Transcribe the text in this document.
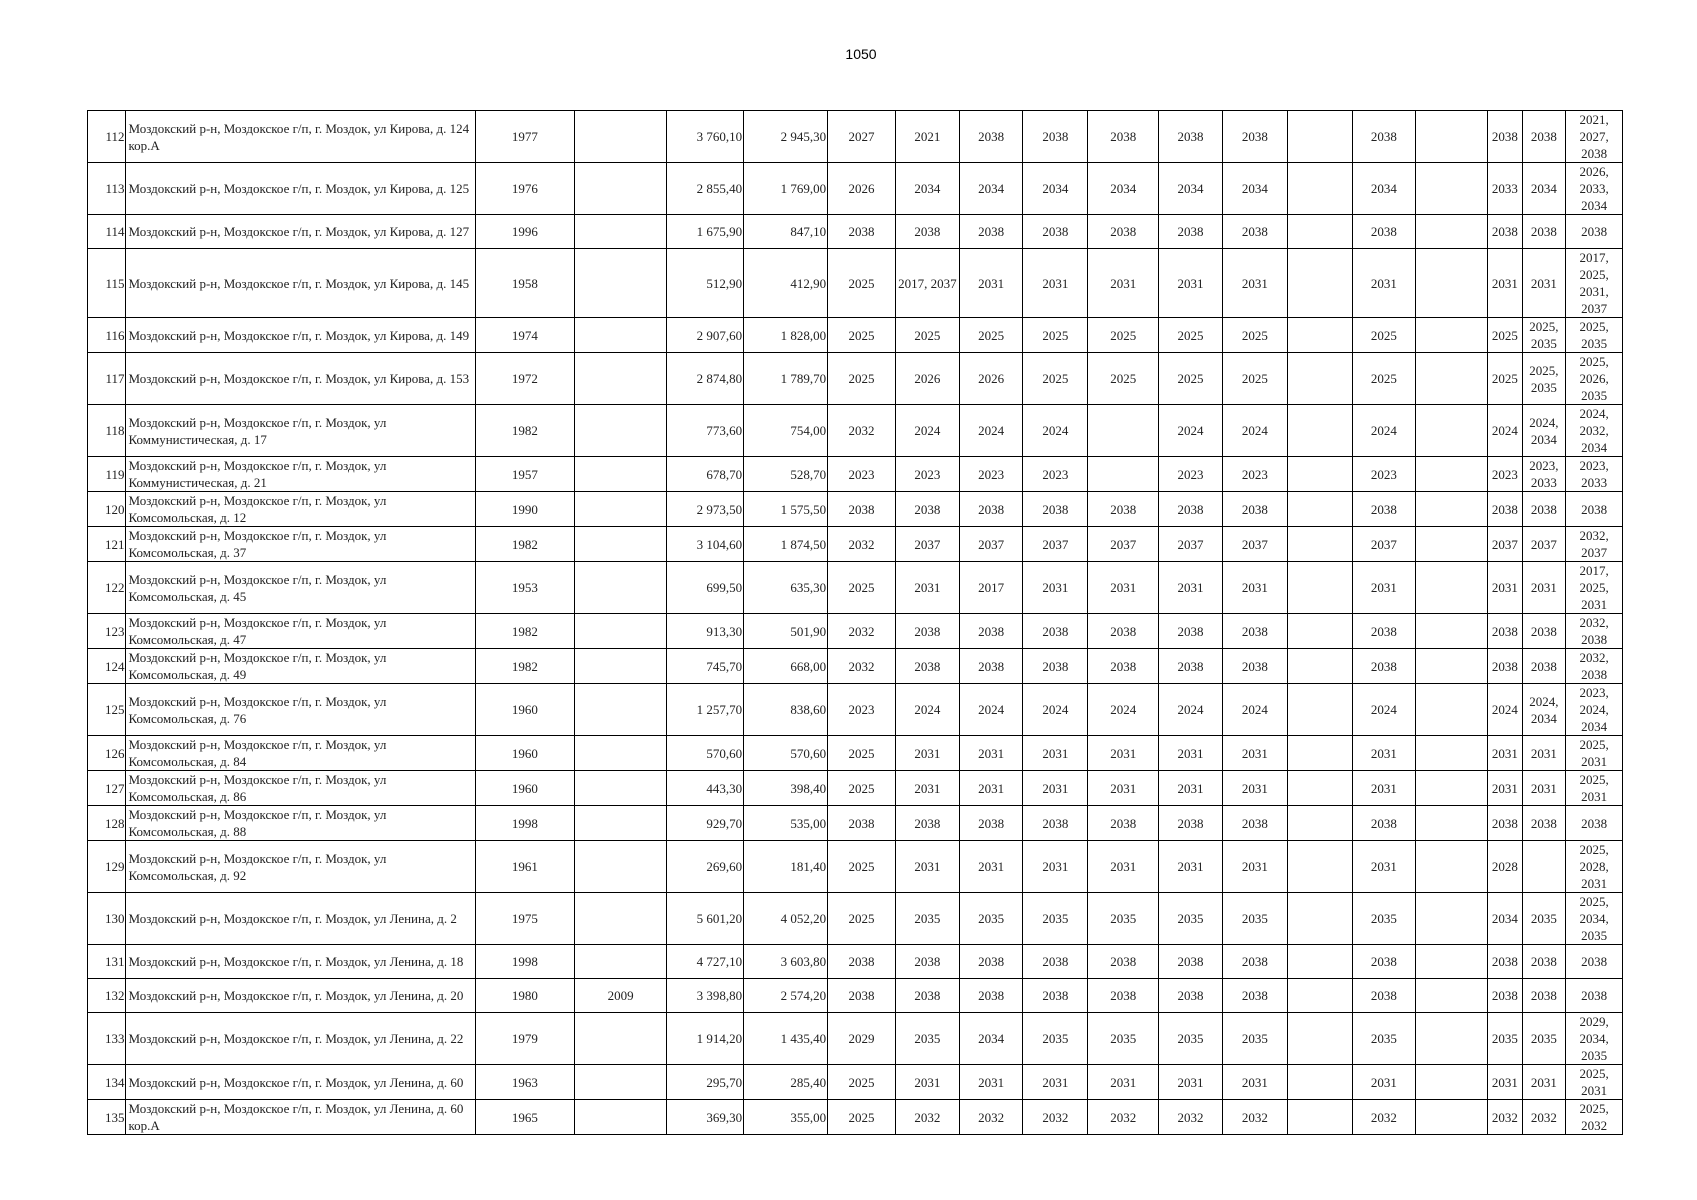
1050
112	Моздокский р-н, Моздокское г/п, г. Моздок, ул Кирова, д. 124 кор.А	1977		3 760,10	2 945,30	2027	2021	2038	2038	2038	2038	2038		2038		2038	2038	2021, 2027, 2038
113	Моздокский р-н, Моздокское г/п, г. Моздок, ул Кирова, д. 125	1976		2 855,40	1 769,00	2026	2034	2034	2034	2034	2034	2034		2034		2033	2034	2026, 2033, 2034
114	Моздокский р-н, Моздокское г/п, г. Моздок, ул Кирова, д. 127	1996		1 675,90	847,10	2038	2038	2038	2038	2038	2038	2038		2038		2038	2038	2038
115	Моздокский р-н, Моздокское г/п, г. Моздок, ул Кирова, д. 145	1958		512,90	412,90	2025	2017, 2037	2031	2031	2031	2031	2031		2031		2031	2031	2017, 2025, 2031, 2037
116	Моздокский р-н, Моздокское г/п, г. Моздок, ул Кирова, д. 149	1974		2 907,60	1 828,00	2025	2025	2025	2025	2025	2025	2025		2025		2025	2025, 2035	2025, 2035
117	Моздокский р-н, Моздокское г/п, г. Моздок, ул Кирова, д. 153	1972		2 874,80	1 789,70	2025	2026	2026	2025	2025	2025	2025		2025		2025	2025, 2035	2025, 2026, 2035
118	Моздокский р-н, Моздокское г/п, г. Моздок, ул Коммунистическая, д. 17	1982		773,60	754,00	2032	2024	2024	2024		2024	2024		2024		2024	2024, 2034	2024, 2032, 2034
119	Моздокский р-н, Моздокское г/п, г. Моздок, ул Коммунистическая, д. 21	1957		678,70	528,70	2023	2023	2023	2023		2023	2023		2023		2023	2023, 2033	2023, 2033
120	Моздокский р-н, Моздокское г/п, г. Моздок, ул Комсомольская, д. 12	1990		2 973,50	1 575,50	2038	2038	2038	2038	2038	2038	2038		2038		2038	2038	2038
121	Моздокский р-н, Моздокское г/п, г. Моздок, ул Комсомольская, д. 37	1982		3 104,60	1 874,50	2032	2037	2037	2037	2037	2037	2037		2037		2037	2037	2032, 2037
122	Моздокский р-н, Моздокское г/п, г. Моздок, ул Комсомольская, д. 45	1953		699,50	635,30	2025	2031	2017	2031	2031	2031	2031		2031		2031	2031	2017, 2025, 2031
123	Моздокский р-н, Моздокское г/п, г. Моздок, ул Комсомольская, д. 47	1982		913,30	501,90	2032	2038	2038	2038	2038	2038	2038		2038		2038	2038	2032, 2038
124	Моздокский р-н, Моздокское г/п, г. Моздок, ул Комсомольская, д. 49	1982		745,70	668,00	2032	2038	2038	2038	2038	2038	2038		2038		2038	2038	2032, 2038
125	Моздокский р-н, Моздокское г/п, г. Моздок, ул Комсомольская, д. 76	1960		1 257,70	838,60	2023	2024	2024	2024	2024	2024	2024		2024		2024	2024, 2034	2023, 2024, 2034
126	Моздокский р-н, Моздокское г/п, г. Моздок, ул Комсомольская, д. 84	1960		570,60	570,60	2025	2031	2031	2031	2031	2031	2031		2031		2031	2031	2025, 2031
127	Моздокский р-н, Моздокское г/п, г. Моздок, ул Комсомольская, д. 86	1960		443,30	398,40	2025	2031	2031	2031	2031	2031	2031		2031		2031	2031	2025, 2031
128	Моздокский р-н, Моздокское г/п, г. Моздок, ул Комсомольская, д. 88	1998		929,70	535,00	2038	2038	2038	2038	2038	2038	2038		2038		2038	2038	2038
129	Моздокский р-н, Моздокское г/п, г. Моздок, ул Комсомольская, д. 92	1961		269,60	181,40	2025	2031	2031	2031	2031	2031	2031		2031		2028		2025, 2028, 2031
130	Моздокский р-н, Моздокское г/п, г. Моздок, ул Ленина, д. 2	1975		5 601,20	4 052,20	2025	2035	2035	2035	2035	2035	2035		2035		2034	2035	2025, 2034, 2035
131	Моздокский р-н, Моздокское г/п, г. Моздок, ул Ленина, д. 18	1998		4 727,10	3 603,80	2038	2038	2038	2038	2038	2038	2038		2038		2038	2038	2038
132	Моздокский р-н, Моздокское г/п, г. Моздок, ул Ленина, д. 20	1980	2009	3 398,80	2 574,20	2038	2038	2038	2038	2038	2038	2038		2038		2038	2038	2038
133	Моздокский р-н, Моздокское г/п, г. Моздок, ул Ленина, д. 22	1979		1 914,20	1 435,40	2029	2035	2034	2035	2035	2035	2035		2035		2035	2035	2029, 2034, 2035
134	Моздокский р-н, Моздокское г/п, г. Моздок, ул Ленина, д. 60	1963		295,70	285,40	2025	2031	2031	2031	2031	2031	2031		2031		2031	2031	2025, 2031
135	Моздокский р-н, Моздокское г/п, г. Моздок, ул Ленина, д. 60 кор.А	1965		369,30	355,00	2025	2032	2032	2032	2032	2032	2032		2032		2032	2032	2025, 2032
